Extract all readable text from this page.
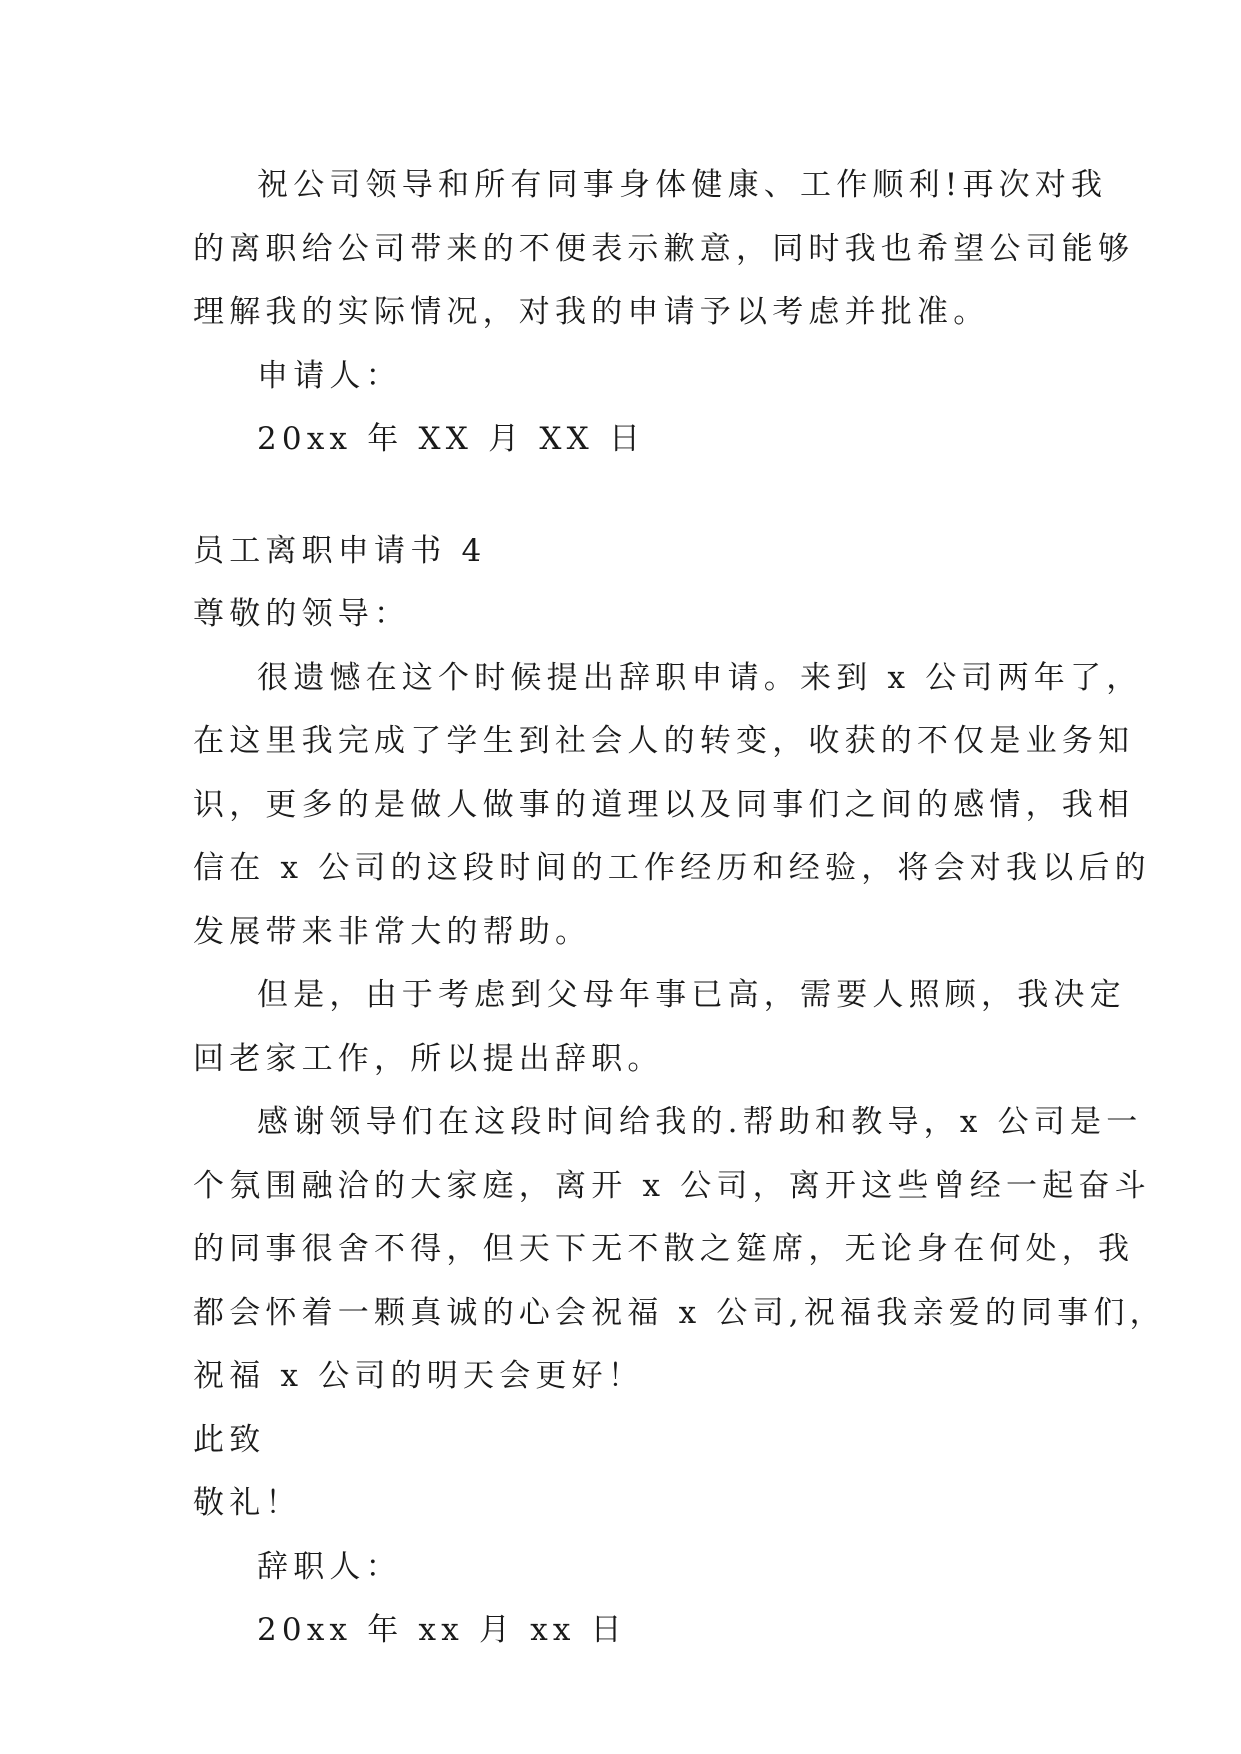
祝公司领导和所有同事身体健康、工作顺利!再次对我
的离职给公司带来的不便表示歉意，同时我也希望公司能够
理解我的实际情况，对我的申请予以考虑并批准。
申请人：
20xx 年 XX 月 XX 日
员工离职申请书 4
尊敬的领导：
很遗憾在这个时候提出辞职申请。来到 x 公司两年了，
在这里我完成了学生到社会人的转变，收获的不仅是业务知
识，更多的是做人做事的道理以及同事们之间的感情，我相
信在 x 公司的这段时间的工作经历和经验，将会对我以后的
发展带来非常大的帮助。
但是，由于考虑到父母年事已高，需要人照顾，我决定
回老家工作，所以提出辞职。
感谢领导们在这段时间给我的.帮助和教导，x 公司是一
个氛围融洽的大家庭，离开 x 公司，离开这些曾经一起奋斗
的同事很舍不得，但天下无不散之筵席，无论身在何处，我
都会怀着一颗真诚的心会祝福 x 公司,祝福我亲爱的同事们，
祝福 x 公司的明天会更好！
此致
敬礼！
辞职人：
20xx 年 xx 月 xx 日
